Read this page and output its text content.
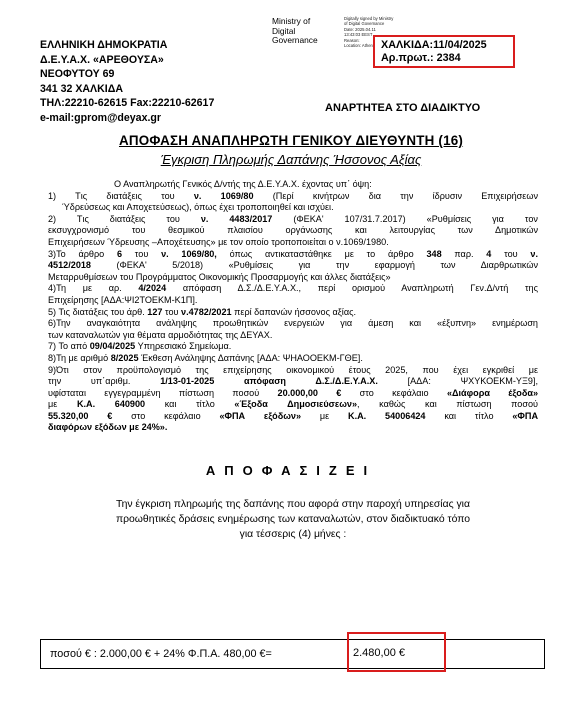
ΕΛΛΗΝΙΚΗ ΔΗΜΟΚΡΑΤΙΑ
Δ.Ε.Υ.Α.Χ. «ΑΡΕΘΟΥΣΑ»
ΝΕΟΦΥΤΟΥ 69
341 32 ΧΑΛΚΙΔΑ
ΤΗΛ:22210-62615 Fax:22210-62617
e-mail:gprom@deyax.gr
Ministry of
Digital
Governance
Digitally signed by Ministry
of Digital Governance
Date: 2025.04.11
13:43:03 EEST
Reason:
Location: Athens ΧΑΛΚΙΔΑ:11/04/2025
Αρ.πρωτ.: 2384
ΑΝΑΡΤΗΤΕΑ ΣΤΟ ΔΙΑΔΙΚΤΥΟ
ΑΠΟΦΑΣΗ ΑΝΑΠΛΗΡΩΤΗ ΓΕΝΙΚΟΥ ΔΙΕΥΘΥΝΤΗ (16)
Έγκριση Πληρωμής Δαπάνης Ήσσονος Αξίας

Ο Αναπληρωτής Γενικός Δ/ντής της Δ.Ε.Υ.Α.Χ. έχοντας υπ΄ όψη:

1) Tις διατάξεις του ν. 1069/80 (Περί κινήτρων δια την ίδρυσιν Επιχειρήσεων

Ύδρεύσεως και Αποχετεύσεως), όπως έχει τροποποιηθεί και ισχύει.

2) Tις διατάξεις του ν. 4483/2017 (ΦΕΚΑ' 107/31.7.2017) «Ρυθμίσεις για τον

εκσυγχρονισμό του θεσμικού πλαισίου οργάνωσης και λειτουργίας των Δημοτικών

Επιχειρήσεων Ύδρευσης –Αποχέτευσης» με τον οποίο τροποποιείται ο ν.1069/1980.

3)Το άρθρο 6 του ν. 1069/80, όπως αντικαταστάθηκε με το άρθρο 348 παρ. 4 του ν.

4512/2018 (ΦΕΚΑ' 5/2018) «Ρυθμίσεις για την εφαρμογή των Διαρθρωτικών

Μεταρρυθμίσεων του Προγράμματος Οικονομικής Προσαρμογής και άλλες διατάξεις»

4)Τη με αρ. 4/2024 απόφαση Δ.Σ./Δ.Ε.Υ.Α.Χ., περί ορισμού Αναπληρωτή Γεν.Δ/ντή της

Επιχείρησης [ΑΔΑ:ΨΙ2ΤΟΕΚΜ-Κ1Π].

5) Τις διατάξεις του άρθ. 127 του ν.4782/2021 περί δαπανών ήσσονος αξίας.

6)Την αναγκαιότητα ανάληψης προωθητικών ενεργειών για άμεση και «έξυπνη» ενημέρωση

των καταναλωτών για θέματα αρμοδιότητας της ΔΕΥΑΧ.

7) Το από 09/04/2025 Υπηρεσιακό Σημείωμα.

8)Τη με αριθμό 8/2025 Έκθεση Ανάληψης Δαπάνης [ΑΔΑ: ΨΗΑΟΟΕΚΜ-ΓΘΕ].

9)Ότι στον προϋπολογισμό της επιχείρησης οικονομικού έτους 2025, που έχει εγκριθεί με

την υπ΄αριθμ. 1/13-01-2025 απόφαση Δ.Σ./Δ.Ε.Υ.Α.Χ. [ΑΔΑ: ΨΧΥΚΟΕΚΜ-ΥΞ9],

υφίσταται εγγεγραμμένη πίστωση ποσού 20.000,00 € στο κεφάλαιο «Διάφορα έξοδα»

με Κ.Α. 640900 και τίτλο «Έξοδα Δημοσιεύσεων», καθώς και πίστωση ποσού

55.320,00 € στο κεφάλαιο «ΦΠΑ εξόδων» με Κ.Α. 54006424 και τίτλο «ΦΠΑ

διαφόρων εξόδων με 24%».

ΑΠΟΦΑΣΙΖΕΙ

Την έγκριση πληρωμής της δαπάνης που αφορά στην παροχή υπηρεσίας για

προωθητικές δράσεις ενημέρωσης των καταναλωτών, στον διαδικτυακό τόπο

για τέσσερις (4) μήνες :

ποσού € : 2.000,00 € + 24% Φ.Π.Α. 480,00 €=	2.480,00 €
